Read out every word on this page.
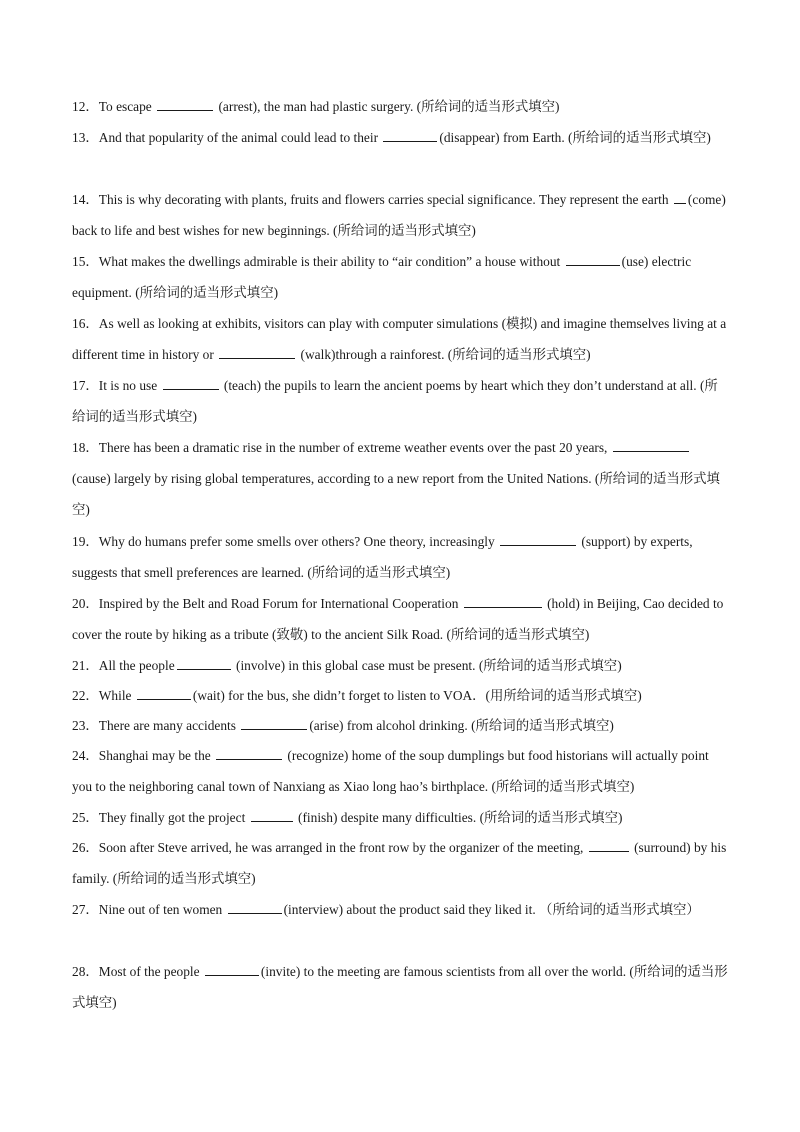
12．To escape	(arrest), the man had plastic surgery. (所给词的适当形式填空)

13．And that popularity of the animal could lead to their	(disappear) from Earth. (所给词的适当形式填空)

14．This is why decorating with plants, fruits and flowers carries special significance. They represent the earth (come) back to life and best wishes for new beginnings. (所给词的适当形式填空)

15．What makes the dwellings admirable is their ability to “air condition” a house without	(use) electric equipment. (所给词的适当形式填空)

16．As well as looking at exhibits, visitors can play with computer simulations (模拟) and imagine themselves living at a different time in history or	(walk)through a rainforest. (所给词的适当形式填空)

17．It is no use	(teach) the pupils to learn the ancient poems by heart which they don’t understand at all. (所给词的适当形式填空)

18．There has been a dramatic rise in the number of extreme weather events over the past 20 years,  (cause) largely by rising global temperatures, according to a new report from the United Nations. (所给词的适当形式填空)

19．Why do humans prefer some smells over others? One theory, increasingly	(support) by experts, suggests that smell preferences are learned. (所给词的适当形式填空)

20．Inspired by the Belt and Road Forum for International Cooperation	(hold) in Beijing, Cao decided to cover the route by hiking as a tribute (致敬) to the ancient Silk Road. (所给词的适当形式填空)

21．All the people	(involve) in this global case must be present. (所给词的适当形式填空)

22．While	(wait) for the bus, she didn’t forget to listen to VOA．(用所给词的适当形式填空)

23．There are many accidents	(arise) from alcohol drinking. (所给词的适当形式填空)

24．Shanghai may be the	(recognize) home of the soup dumplings but food historians will actually point you to the neighboring canal town of Nanxiang as Xiao long hao’s birthplace. (所给词的适当形式填空)

25．They finally got the project	(finish) despite many difficulties. (所给词的适当形式填空)

26．Soon after Steve arrived, he was arranged in the front row by the organizer of the meeting,	(surround) by his family. (所给词的适当形式填空)

27．Nine out of ten women	(interview) about the product said they liked it. （所给词的适当形式填空）

28．Most of the people	(invite) to the meeting are famous scientists from all over the world. (所给词的适当形式填空)
